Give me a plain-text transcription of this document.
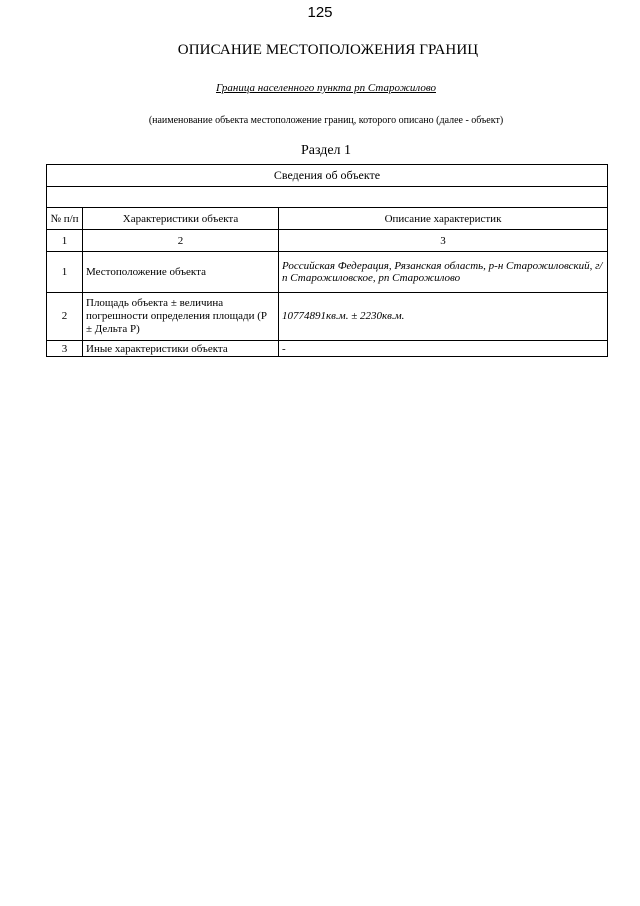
125
ОПИСАНИЕ МЕСТОПОЛОЖЕНИЯ ГРАНИЦ
Граница населенного пункта рп Старожилово
(наименование объекта местоположение границ, которого описано (далее - объект)
Раздел 1
Сведения об объекте		

№ п/п	Характеристики объекта	Описание характеристик
1	2	3
1	Местоположение объекта	Российская Федерация, Рязанская область, р-н Старожиловский, г/п Старожиловское, рп Старожилово
2	Площадь объекта ± величина погрешности определения площади (P ± Дельта P)	10774891кв.м. ± 2230кв.м.
3	Иные характеристики объекта	-
